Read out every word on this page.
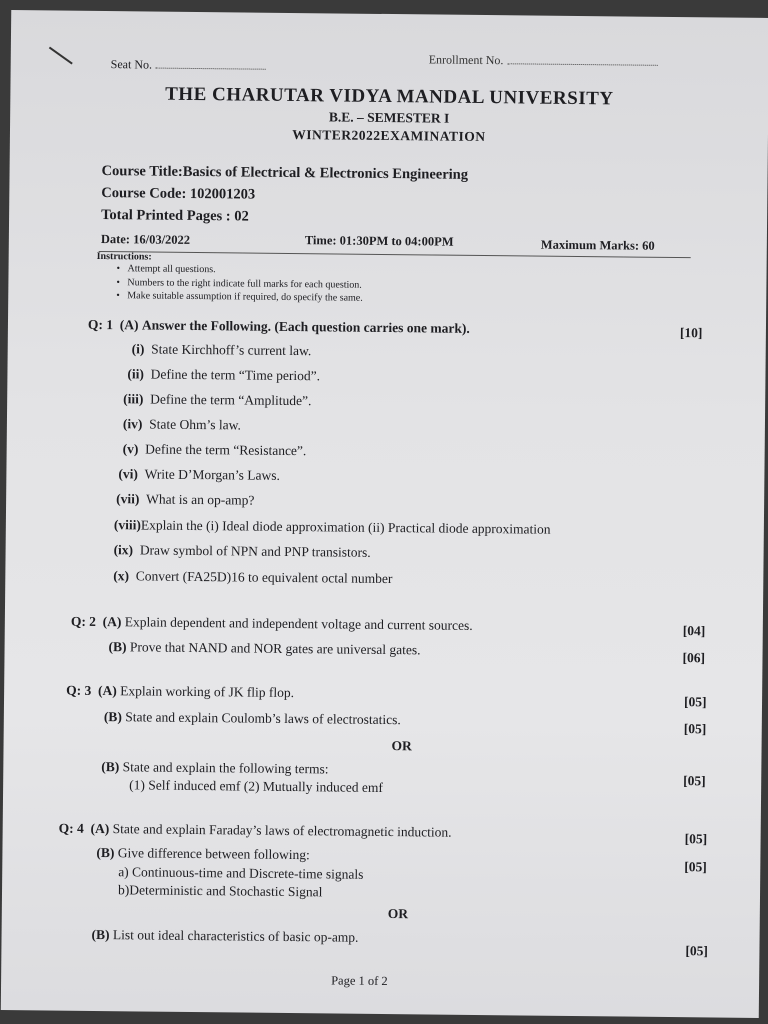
Seat No.	Enrollment No.
THE CHARUTAR VIDYA MANDAL UNIVERSITY
B.E. – SEMESTER I
WINTER2022EXAMINATION
Course Title:Basics of Electrical & Electronics Engineering
Course Code: 102001203
Total Printed Pages : 02
Date: 16/03/2022	Time: 01:30PM to 04:00PM	Maximum Marks: 60
Instructions:
•   Attempt all questions.
•   Numbers to the right indicate full marks for each question.
•   Make suitable assumption if required, do specify the same.
Q: 1 (A) Answer the Following. (Each question carries one mark).	[10]
(i) State Kirchhoff’s current law.
(ii) Define the term “Time period”.
(iii) Define the term “Amplitude”.
(iv) State Ohm’s law.
(v) Define the term “Resistance”.
(vi) Write D’Morgan’s Laws.
(vii) What is an op-amp?
(viii)Explain the (i) Ideal diode approximation (ii) Practical diode approximation
(ix) Draw symbol of NPN and PNP transistors.
(x) Convert (FA25D)16 to equivalent octal number
Q: 2 (A) Explain dependent and independent voltage and current sources.	[04]
(B) Prove that NAND and NOR gates are universal gates.
[06]
Q: 3 (A) Explain working of JK flip flop.
[05]
(B) State and explain Coulomb’s laws of electrostatics.
[05]
OR
(B) State and explain the following terms:
(1) Self induced emf (2) Mutually induced emf	[05]
Q: 4 (A) State and explain Faraday’s laws of electromagnetic induction.	[05]
(B) Give difference between following:
a) Continuous-time and Discrete-time signals
b)Deterministic and Stochastic Signal
[05]
OR
(B) List out ideal characteristics of basic op-amp.
[05]
Page 1 of 2
